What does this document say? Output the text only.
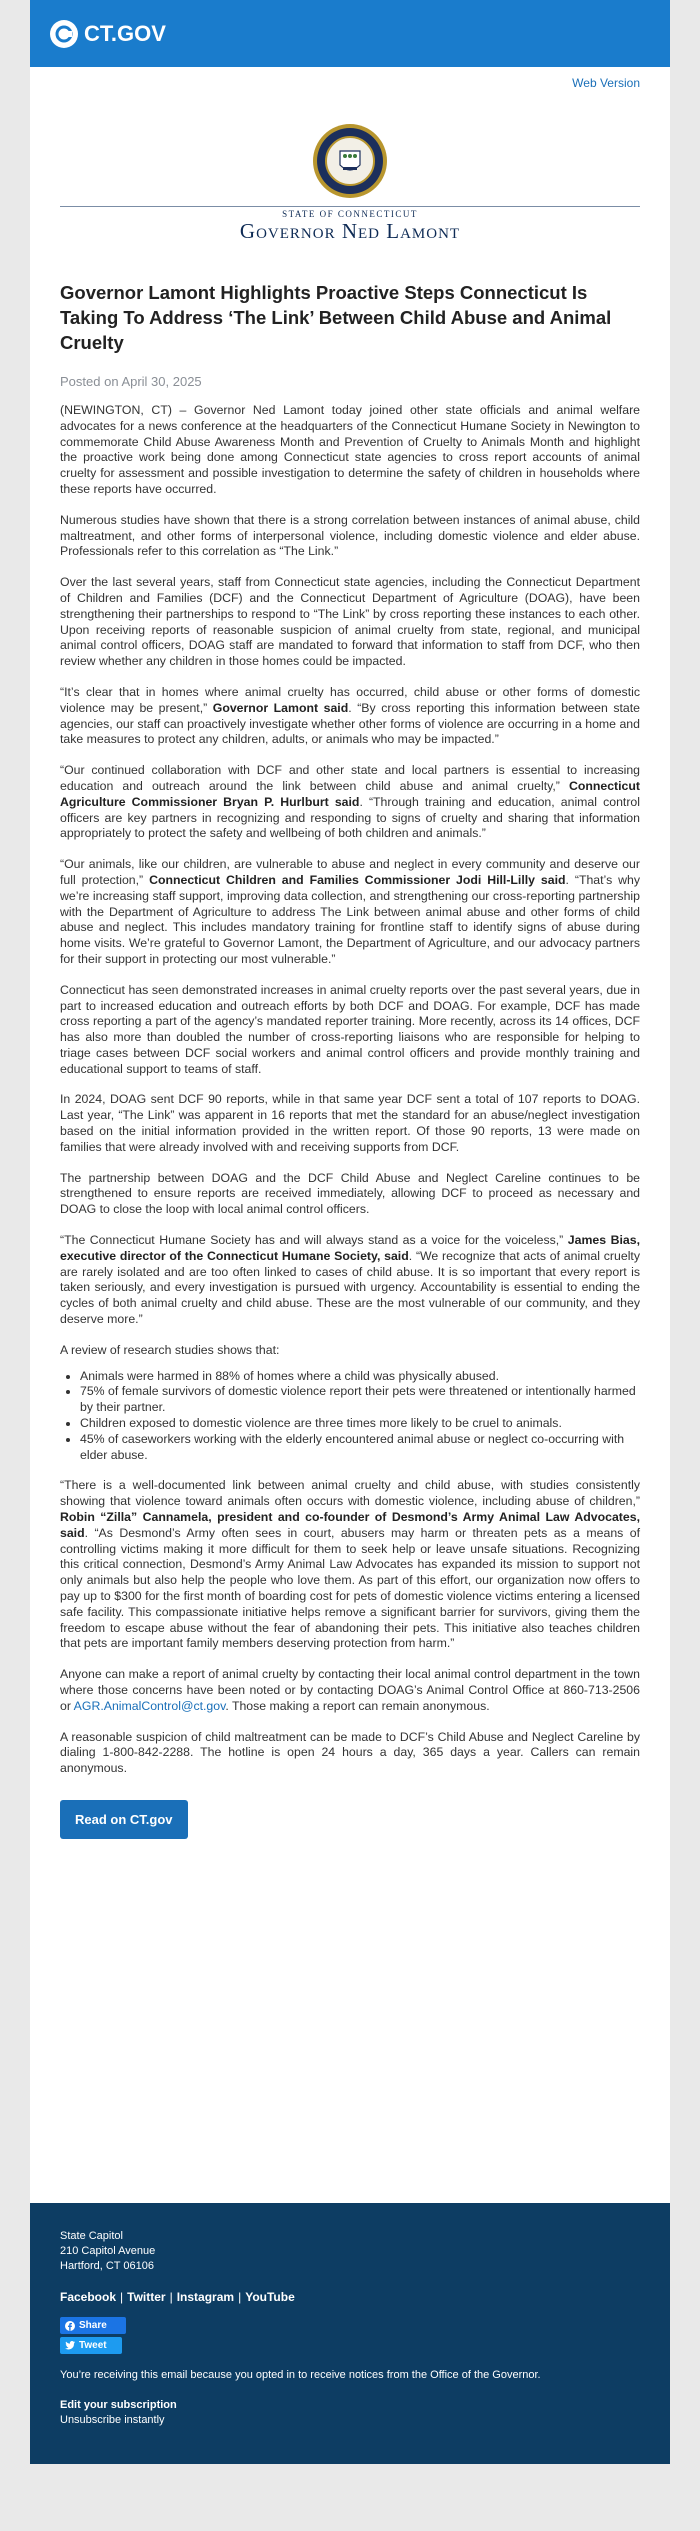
CT.GOV
Web Version
STATE OF CONNECTICUT
Governor Ned Lamont
Governor Lamont Highlights Proactive Steps Connecticut Is Taking To Address ‘The Link’ Between Child Abuse and Animal Cruelty
Posted on April 30, 2025

(NEWINGTON, CT) – Governor Ned Lamont today joined other state officials and animal welfare advocates for a news conference at the headquarters of the Connecticut Humane Society in Newington to commemorate Child Abuse Awareness Month and Prevention of Cruelty to Animals Month and highlight the proactive work being done among Connecticut state agencies to cross report accounts of animal cruelty for assessment and possible investigation to determine the safety of children in households where these reports have occurred.

Numerous studies have shown that there is a strong correlation between instances of animal abuse, child maltreatment, and other forms of interpersonal violence, including domestic violence and elder abuse. Professionals refer to this correlation as “The Link.”

Over the last several years, staff from Connecticut state agencies, including the Connecticut Department of Children and Families (DCF) and the Connecticut Department of Agriculture (DOAG), have been strengthening their partnerships to respond to “The Link” by cross reporting these instances to each other. Upon receiving reports of reasonable suspicion of animal cruelty from state, regional, and municipal animal control officers, DOAG staff are mandated to forward that information to staff from DCF, who then review whether any children in those homes could be impacted.

“It’s clear that in homes where animal cruelty has occurred, child abuse or other forms of domestic violence may be present,” Governor Lamont said. “By cross reporting this information between state agencies, our staff can proactively investigate whether other forms of violence are occurring in a home and take measures to protect any children, adults, or animals who may be impacted.”

“Our continued collaboration with DCF and other state and local partners is essential to increasing education and outreach around the link between child abuse and animal cruelty,” Connecticut Agriculture Commissioner Bryan P. Hurlburt said. “Through training and education, animal control officers are key partners in recognizing and responding to signs of cruelty and sharing that information appropriately to protect the safety and wellbeing of both children and animals.”

“Our animals, like our children, are vulnerable to abuse and neglect in every community and deserve our full protection,” Connecticut Children and Families Commissioner Jodi Hill-Lilly said. “That’s why we’re increasing staff support, improving data collection, and strengthening our cross-reporting partnership with the Department of Agriculture to address The Link between animal abuse and other forms of child abuse and neglect. This includes mandatory training for frontline staff to identify signs of abuse during home visits. We’re grateful to Governor Lamont, the Department of Agriculture, and our advocacy partners for their support in protecting our most vulnerable.”

Connecticut has seen demonstrated increases in animal cruelty reports over the past several years, due in part to increased education and outreach efforts by both DCF and DOAG. For example, DCF has made cross reporting a part of the agency’s mandated reporter training. More recently, across its 14 offices, DCF has also more than doubled the number of cross-reporting liaisons who are responsible for helping to triage cases between DCF social workers and animal control officers and provide monthly training and educational support to teams of staff.

In 2024, DOAG sent DCF 90 reports, while in that same year DCF sent a total of 107 reports to DOAG. Last year, “The Link” was apparent in 16 reports that met the standard for an abuse/neglect investigation based on the initial information provided in the written report. Of those 90 reports, 13 were made on families that were already involved with and receiving supports from DCF.

The partnership between DOAG and the DCF Child Abuse and Neglect Careline continues to be strengthened to ensure reports are received immediately, allowing DCF to proceed as necessary and DOAG to close the loop with local animal control officers.

“The Connecticut Humane Society has and will always stand as a voice for the voiceless,” James Bias, executive director of the Connecticut Humane Society, said. “We recognize that acts of animal cruelty are rarely isolated and are too often linked to cases of child abuse. It is so important that every report is taken seriously, and every investigation is pursued with urgency. Accountability is essential to ending the cycles of both animal cruelty and child abuse. These are the most vulnerable of our community, and they deserve more.”

A review of research studies shows that:

• Animals were harmed in 88% of homes where a child was physically abused.
• 75% of female survivors of domestic violence report their pets were threatened or intentionally harmed by their partner.
• Children exposed to domestic violence are three times more likely to be cruel to animals.
• 45% of caseworkers working with the elderly encountered animal abuse or neglect co-occurring with elder abuse.

“There is a well-documented link between animal cruelty and child abuse, with studies consistently showing that violence toward animals often occurs with domestic violence, including abuse of children,” Robin “Zilla” Cannamela, president and co-founder of Desmond’s Army Animal Law Advocates, said. “As Desmond’s Army often sees in court, abusers may harm or threaten pets as a means of controlling victims making it more difficult for them to seek help or leave unsafe situations. Recognizing this critical connection, Desmond’s Army Animal Law Advocates has expanded its mission to support not only animals but also help the people who love them. As part of this effort, our organization now offers to pay up to $300 for the first month of boarding cost for pets of domestic violence victims entering a licensed safe facility. This compassionate initiative helps remove a significant barrier for survivors, giving them the freedom to escape abuse without the fear of abandoning their pets. This initiative also teaches children that pets are important family members deserving protection from harm.”

Anyone can make a report of animal cruelty by contacting their local animal control department in the town where those concerns have been noted or by contacting DOAG’s Animal Control Office at 860-713-2506 or AGR.AnimalControl@ct.gov. Those making a report can remain anonymous.

A reasonable suspicion of child maltreatment can be made to DCF’s Child Abuse and Neglect Careline by dialing 1-800-842-2288. The hotline is open 24 hours a day, 365 days a year. Callers can remain anonymous.

Read on CT.gov
State Capitol
210 Capitol Avenue
Hartford, CT 06106
Facebook | Twitter | Instagram | YouTube
Share
Tweet
You’re receiving this email because you opted in to receive notices from the Office of the Governor.
Edit your subscription
Unsubscribe instantly
